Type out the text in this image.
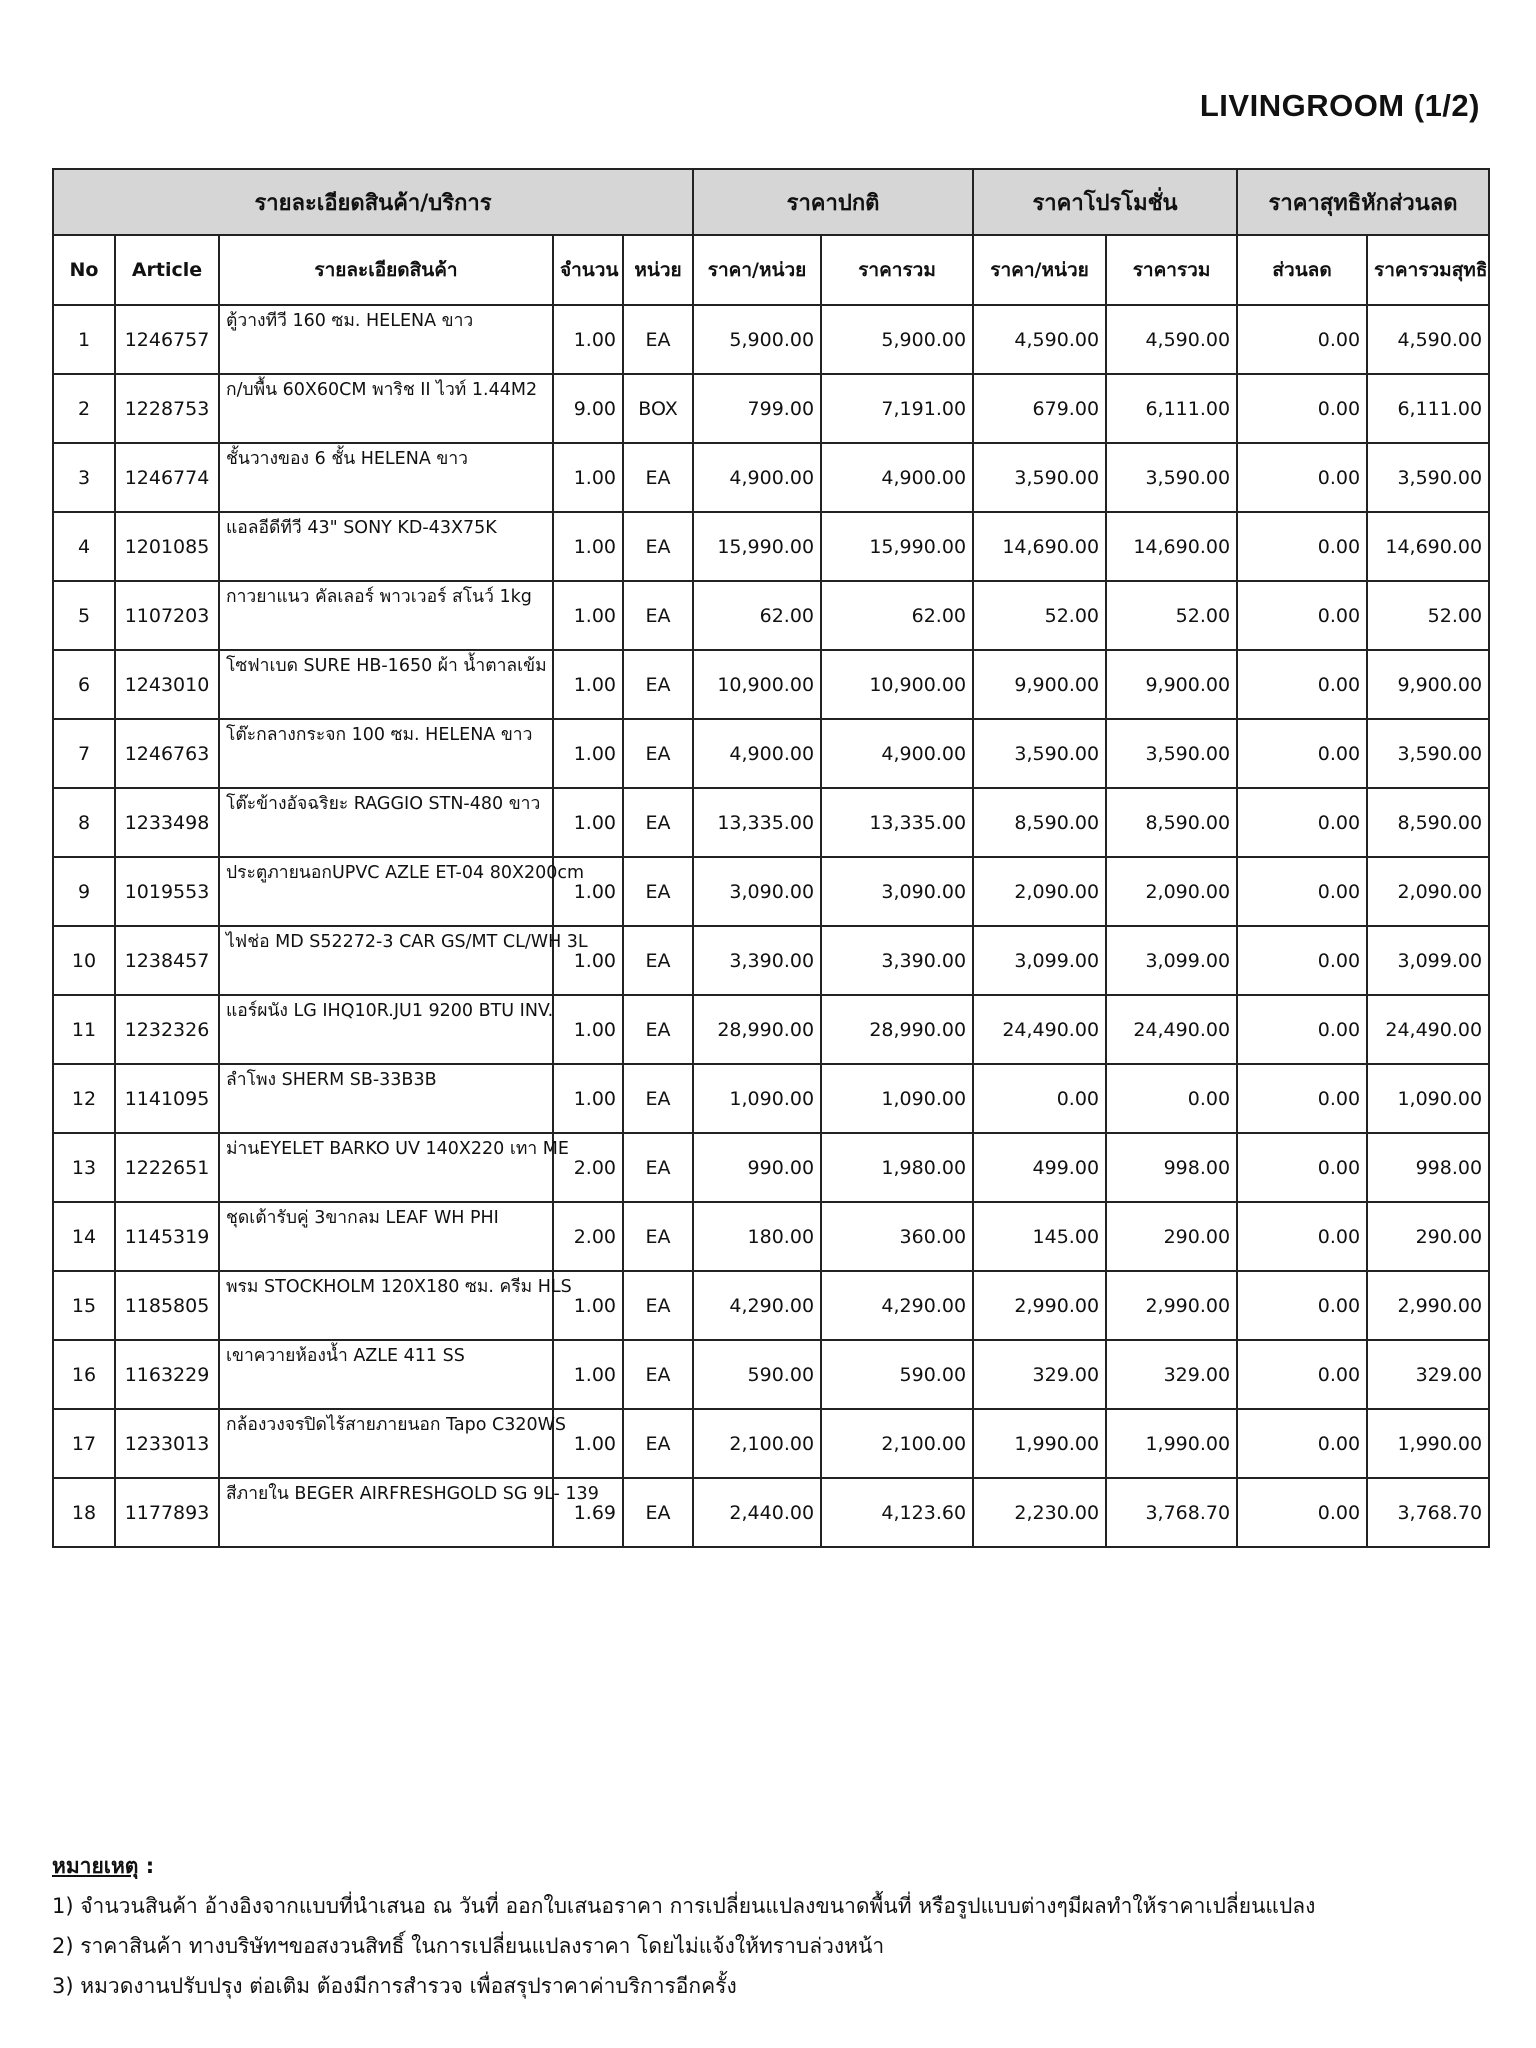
LIVINGROOM (1/2)
รายละเอียดสินค้า/บริการ					ราคาปกติ		ราคาโปรโมชั่น		ราคาสุทธิหักส่วนลด	
No	Article	รายละเอียดสินค้า	จำนวน	หน่วย	ราคา/หน่วย	ราคารวม	ราคา/หน่วย	ราคารวม	ส่วนลด	ราคารวมสุทธิ
1	1246757	ตู้วางทีวี 160 ซม. HELENA ขาว	1.00	EA	5,900.00	5,900.00	4,590.00	4,590.00	0.00	4,590.00
2	1228753	ก/บพื้น 60X60CM พาริช II ไวท์ 1.44M2	9.00	BOX	799.00	7,191.00	679.00	6,111.00	0.00	6,111.00
3	1246774	ชั้นวางของ 6 ชั้น HELENA ขาว	1.00	EA	4,900.00	4,900.00	3,590.00	3,590.00	0.00	3,590.00
4	1201085	แอลอีดีทีวี 43" SONY KD-43X75K	1.00	EA	15,990.00	15,990.00	14,690.00	14,690.00	0.00	14,690.00
5	1107203	กาวยาแนว คัลเลอร์ พาวเวอร์ สโนว์ 1kg	1.00	EA	62.00	62.00	52.00	52.00	0.00	52.00
6	1243010	โซฟาเบด SURE HB-1650 ผ้า น้ำตาลเข้ม	1.00	EA	10,900.00	10,900.00	9,900.00	9,900.00	0.00	9,900.00
7	1246763	โต๊ะกลางกระจก 100 ซม. HELENA ขาว	1.00	EA	4,900.00	4,900.00	3,590.00	3,590.00	0.00	3,590.00
8	1233498	โต๊ะข้างอัจฉริยะ RAGGIO STN-480 ขาว	1.00	EA	13,335.00	13,335.00	8,590.00	8,590.00	0.00	8,590.00
9	1019553	ประตูภายนอกUPVC AZLE ET-04 80X200cm	1.00	EA	3,090.00	3,090.00	2,090.00	2,090.00	0.00	2,090.00
10	1238457	ไฟช่อ MD S52272-3 CAR GS/MT CL/WH 3L	1.00	EA	3,390.00	3,390.00	3,099.00	3,099.00	0.00	3,099.00
11	1232326	แอร์ผนัง LG IHQ10R.JU1 9200 BTU INV.	1.00	EA	28,990.00	28,990.00	24,490.00	24,490.00	0.00	24,490.00
12	1141095	ลำโพง SHERM SB-33B3B	1.00	EA	1,090.00	1,090.00	0.00	0.00	0.00	1,090.00
13	1222651	ม่านEYELET BARKO UV 140X220 เทา ME	2.00	EA	990.00	1,980.00	499.00	998.00	0.00	998.00
14	1145319	ชุดเต้ารับคู่ 3ขากลม LEAF WH PHI	2.00	EA	180.00	360.00	145.00	290.00	0.00	290.00
15	1185805	พรม STOCKHOLM 120X180 ซม. ครีม HLS	1.00	EA	4,290.00	4,290.00	2,990.00	2,990.00	0.00	2,990.00
16	1163229	เขาควายห้องน้ำ AZLE 411 SS	1.00	EA	590.00	590.00	329.00	329.00	0.00	329.00
17	1233013	กล้องวงจรปิดไร้สายภายนอก Tapo C320WS	1.00	EA	2,100.00	2,100.00	1,990.00	1,990.00	0.00	1,990.00
18	1177893	สีภายใน BEGER AIRFRESHGOLD SG 9L- 139	1.69	EA	2,440.00	4,123.60	2,230.00	3,768.70	0.00	3,768.70
หมายเหตุ :
1) จำนวนสินค้า อ้างอิงจากแบบที่นำเสนอ ณ วันที่ ออกใบเสนอราคา การเปลี่ยนแปลงขนาดพื้นที่ หรือรูปแบบต่างๆมีผลทำให้ราคาเปลี่ยนแปลง
2) ราคาสินค้า ทางบริษัทฯขอสงวนสิทธิ์ ในการเปลี่ยนแปลงราคา โดยไม่แจ้งให้ทราบล่วงหน้า
3) หมวดงานปรับปรุง ต่อเติม ต้องมีการสำรวจ เพื่อสรุปราคาค่าบริการอีกครั้ง
